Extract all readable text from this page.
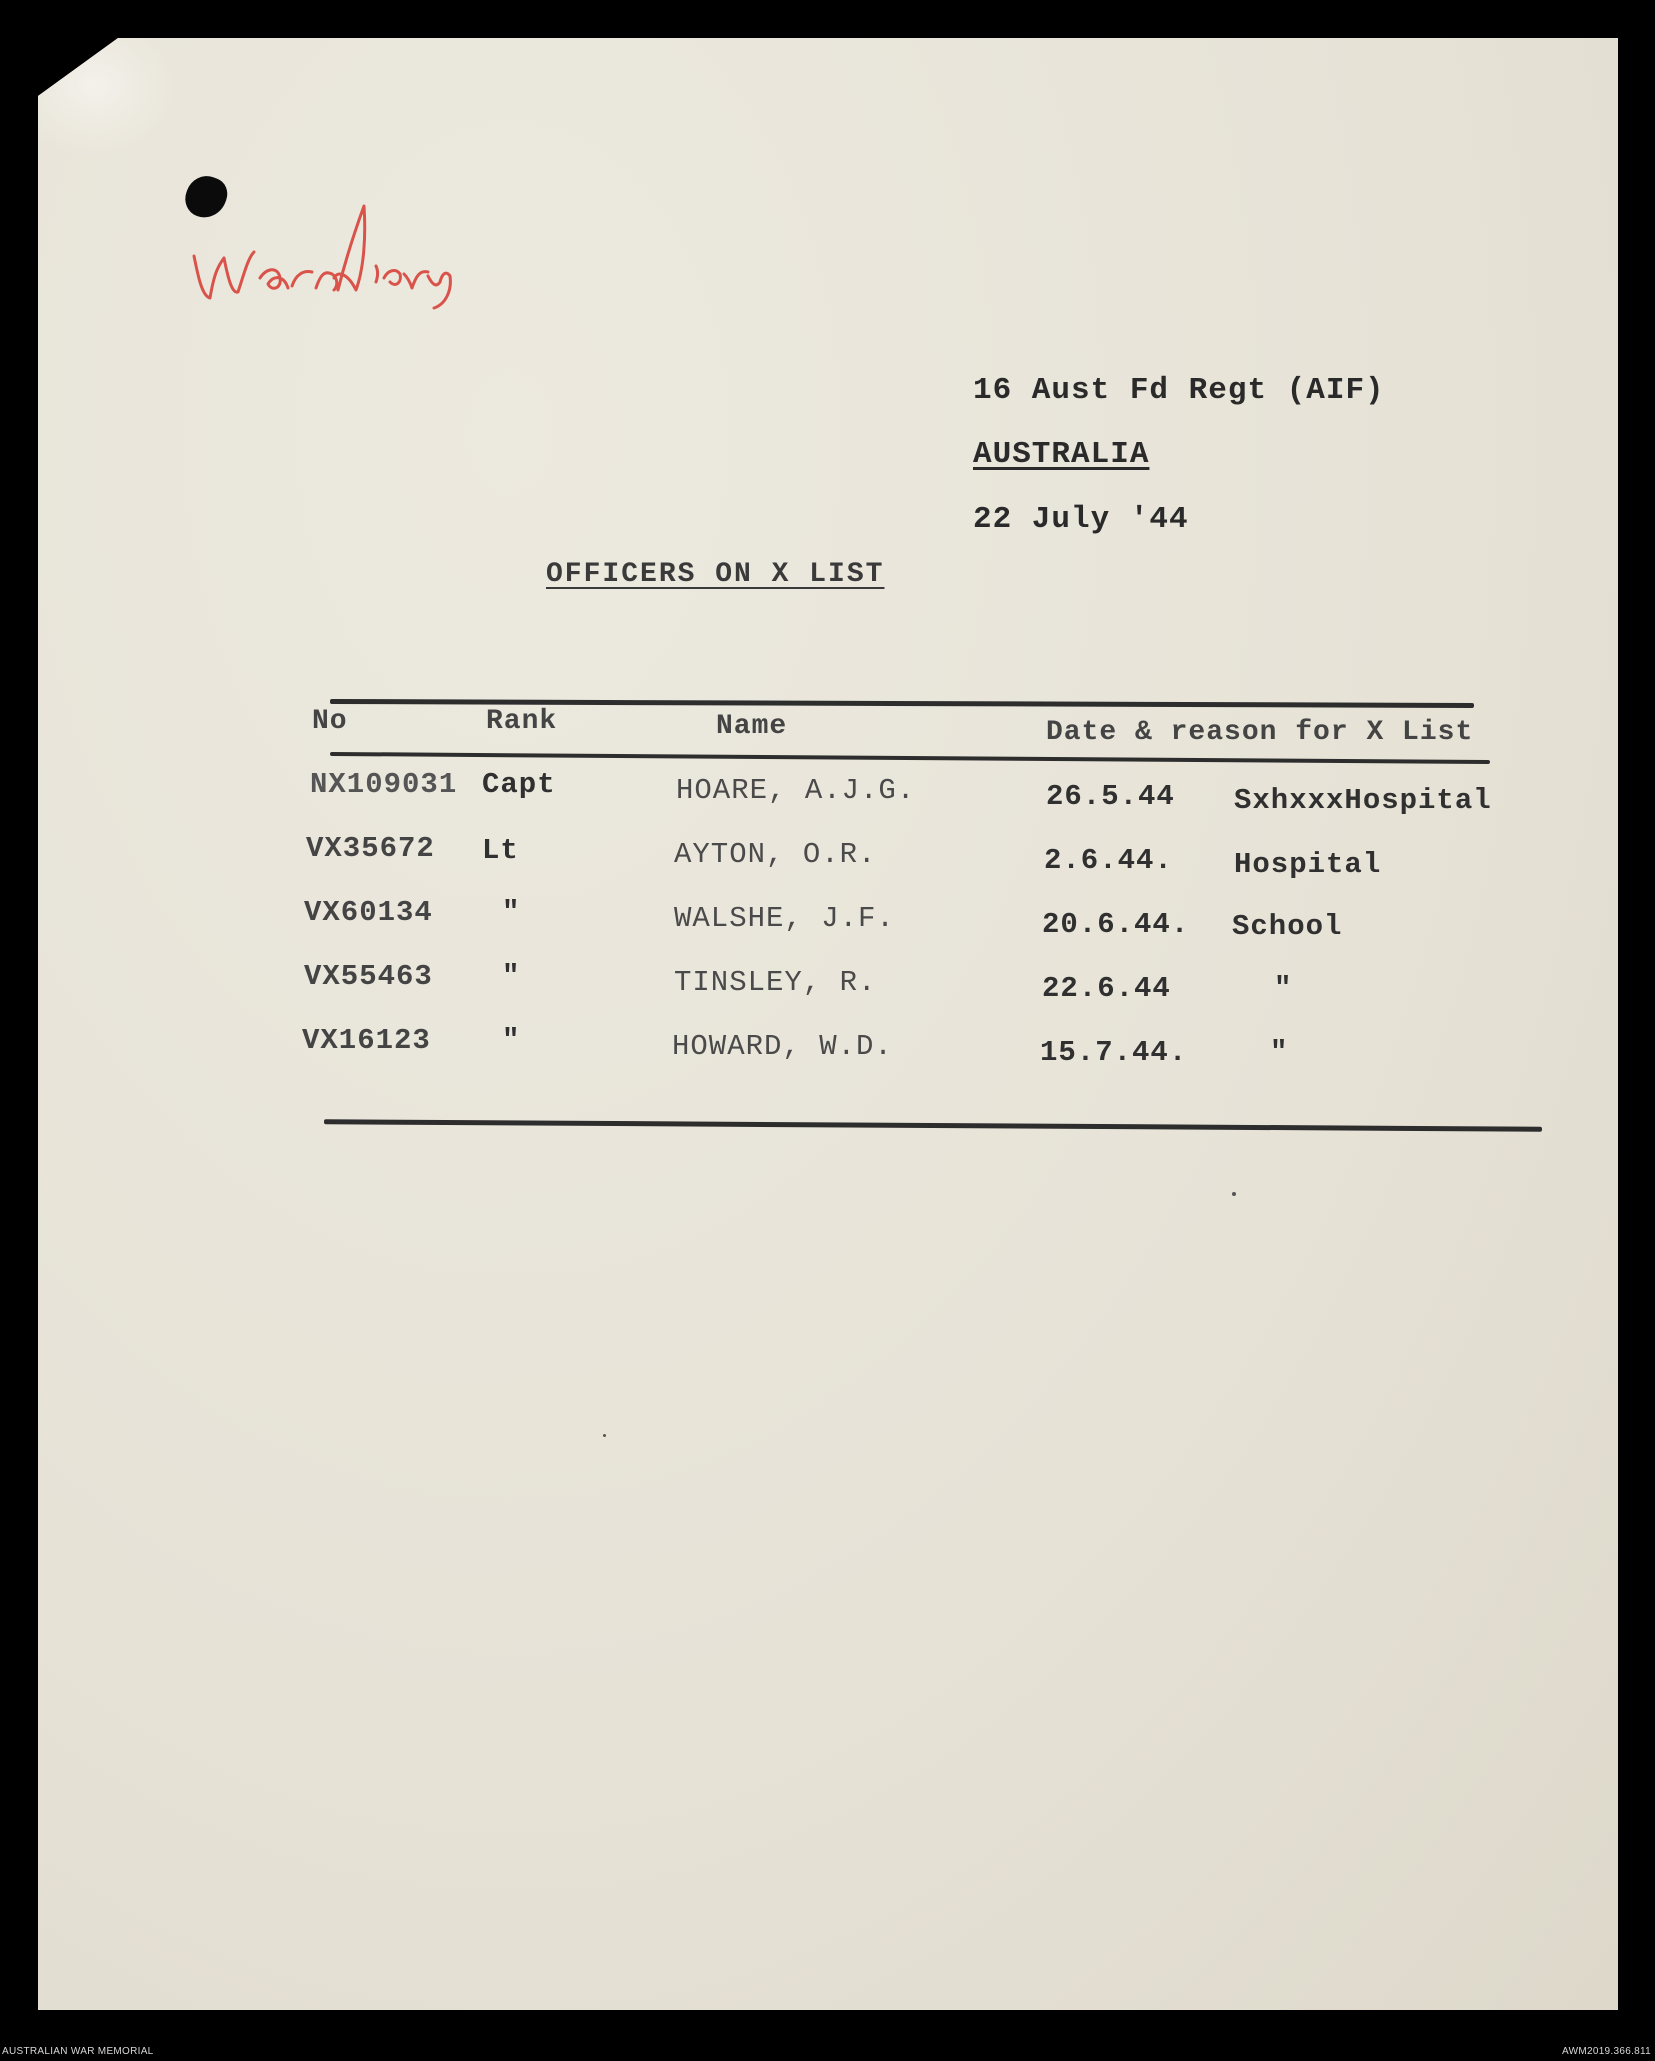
16 Aust Fd Regt (AIF)
AUSTRALIA
22 July '44
OFFICERS ON X LIST
No	Rank	Name	Date & reason for X List
NX109031 Capt	HOARE, A.J.G.	26.5.44 SxhxxxHospital
VX35672 Lt	AYTON, O.R.	2.6.44. Hospital
VX60134 "	WALSHE, J.F.	20.6.44. School
VX55463 "	TINSLEY, R.	22.6.44	"
VX16123 "	HOWARD, W.D.	15.7.44.	"
AUSTRALIAN WAR MEMORIAL	AWM2019.366.811
